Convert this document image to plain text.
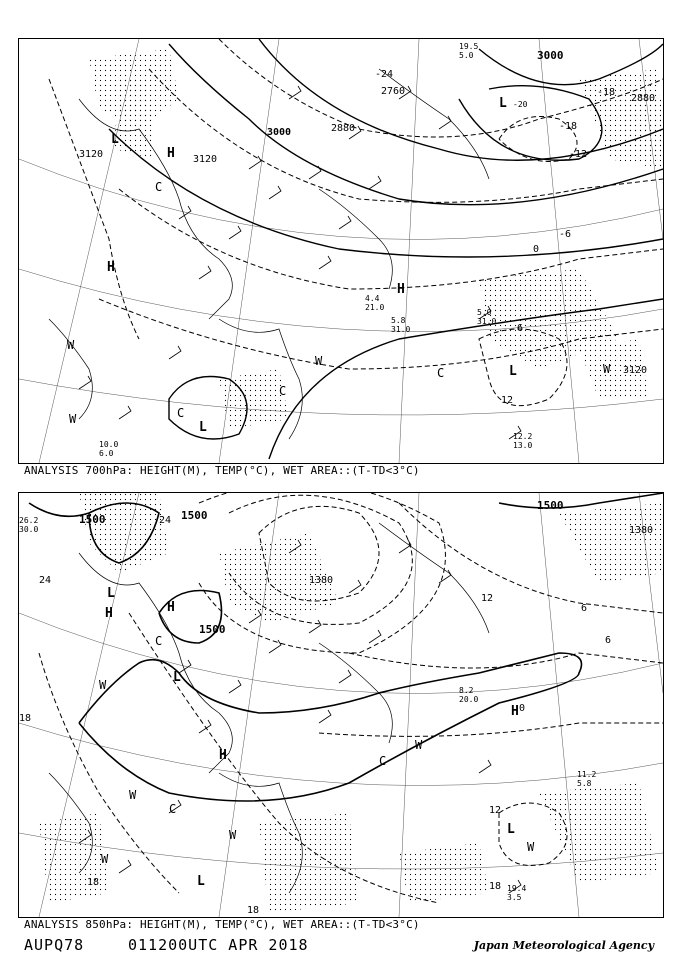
3000
2880
2760
3000
3120	3120
3120
2880
-24
-18
-12
-6
0
6
12
-18
L
H
L
H
H
L
L
C
C
C
C
W
W
W
W
5.0
31.0
12.2
13.0
4.4
21.0
5.8
31.0
10.0
6.0
19.5
5.0
-20
ANALYSIS 700hPa: HEIGHT(M), TEMP(°C), WET AREA::(T-TD<3°C)
1500	1500
1500
1500
1380
1380
24
24
18
18
12
6
0
12
18
18
6
L
H	H
L
L
H
H
L
C
C
C
W
W
W
W
W
W
19.4
3.5
26.2
30.0
11.2
5.8
8.2
20.0
ANALYSIS 850hPa: HEIGHT(M), TEMP(°C), WET AREA::(T-TD<3°C)
AUPQ78	011200UTC APR 2018	Japan Meteorological Agency
